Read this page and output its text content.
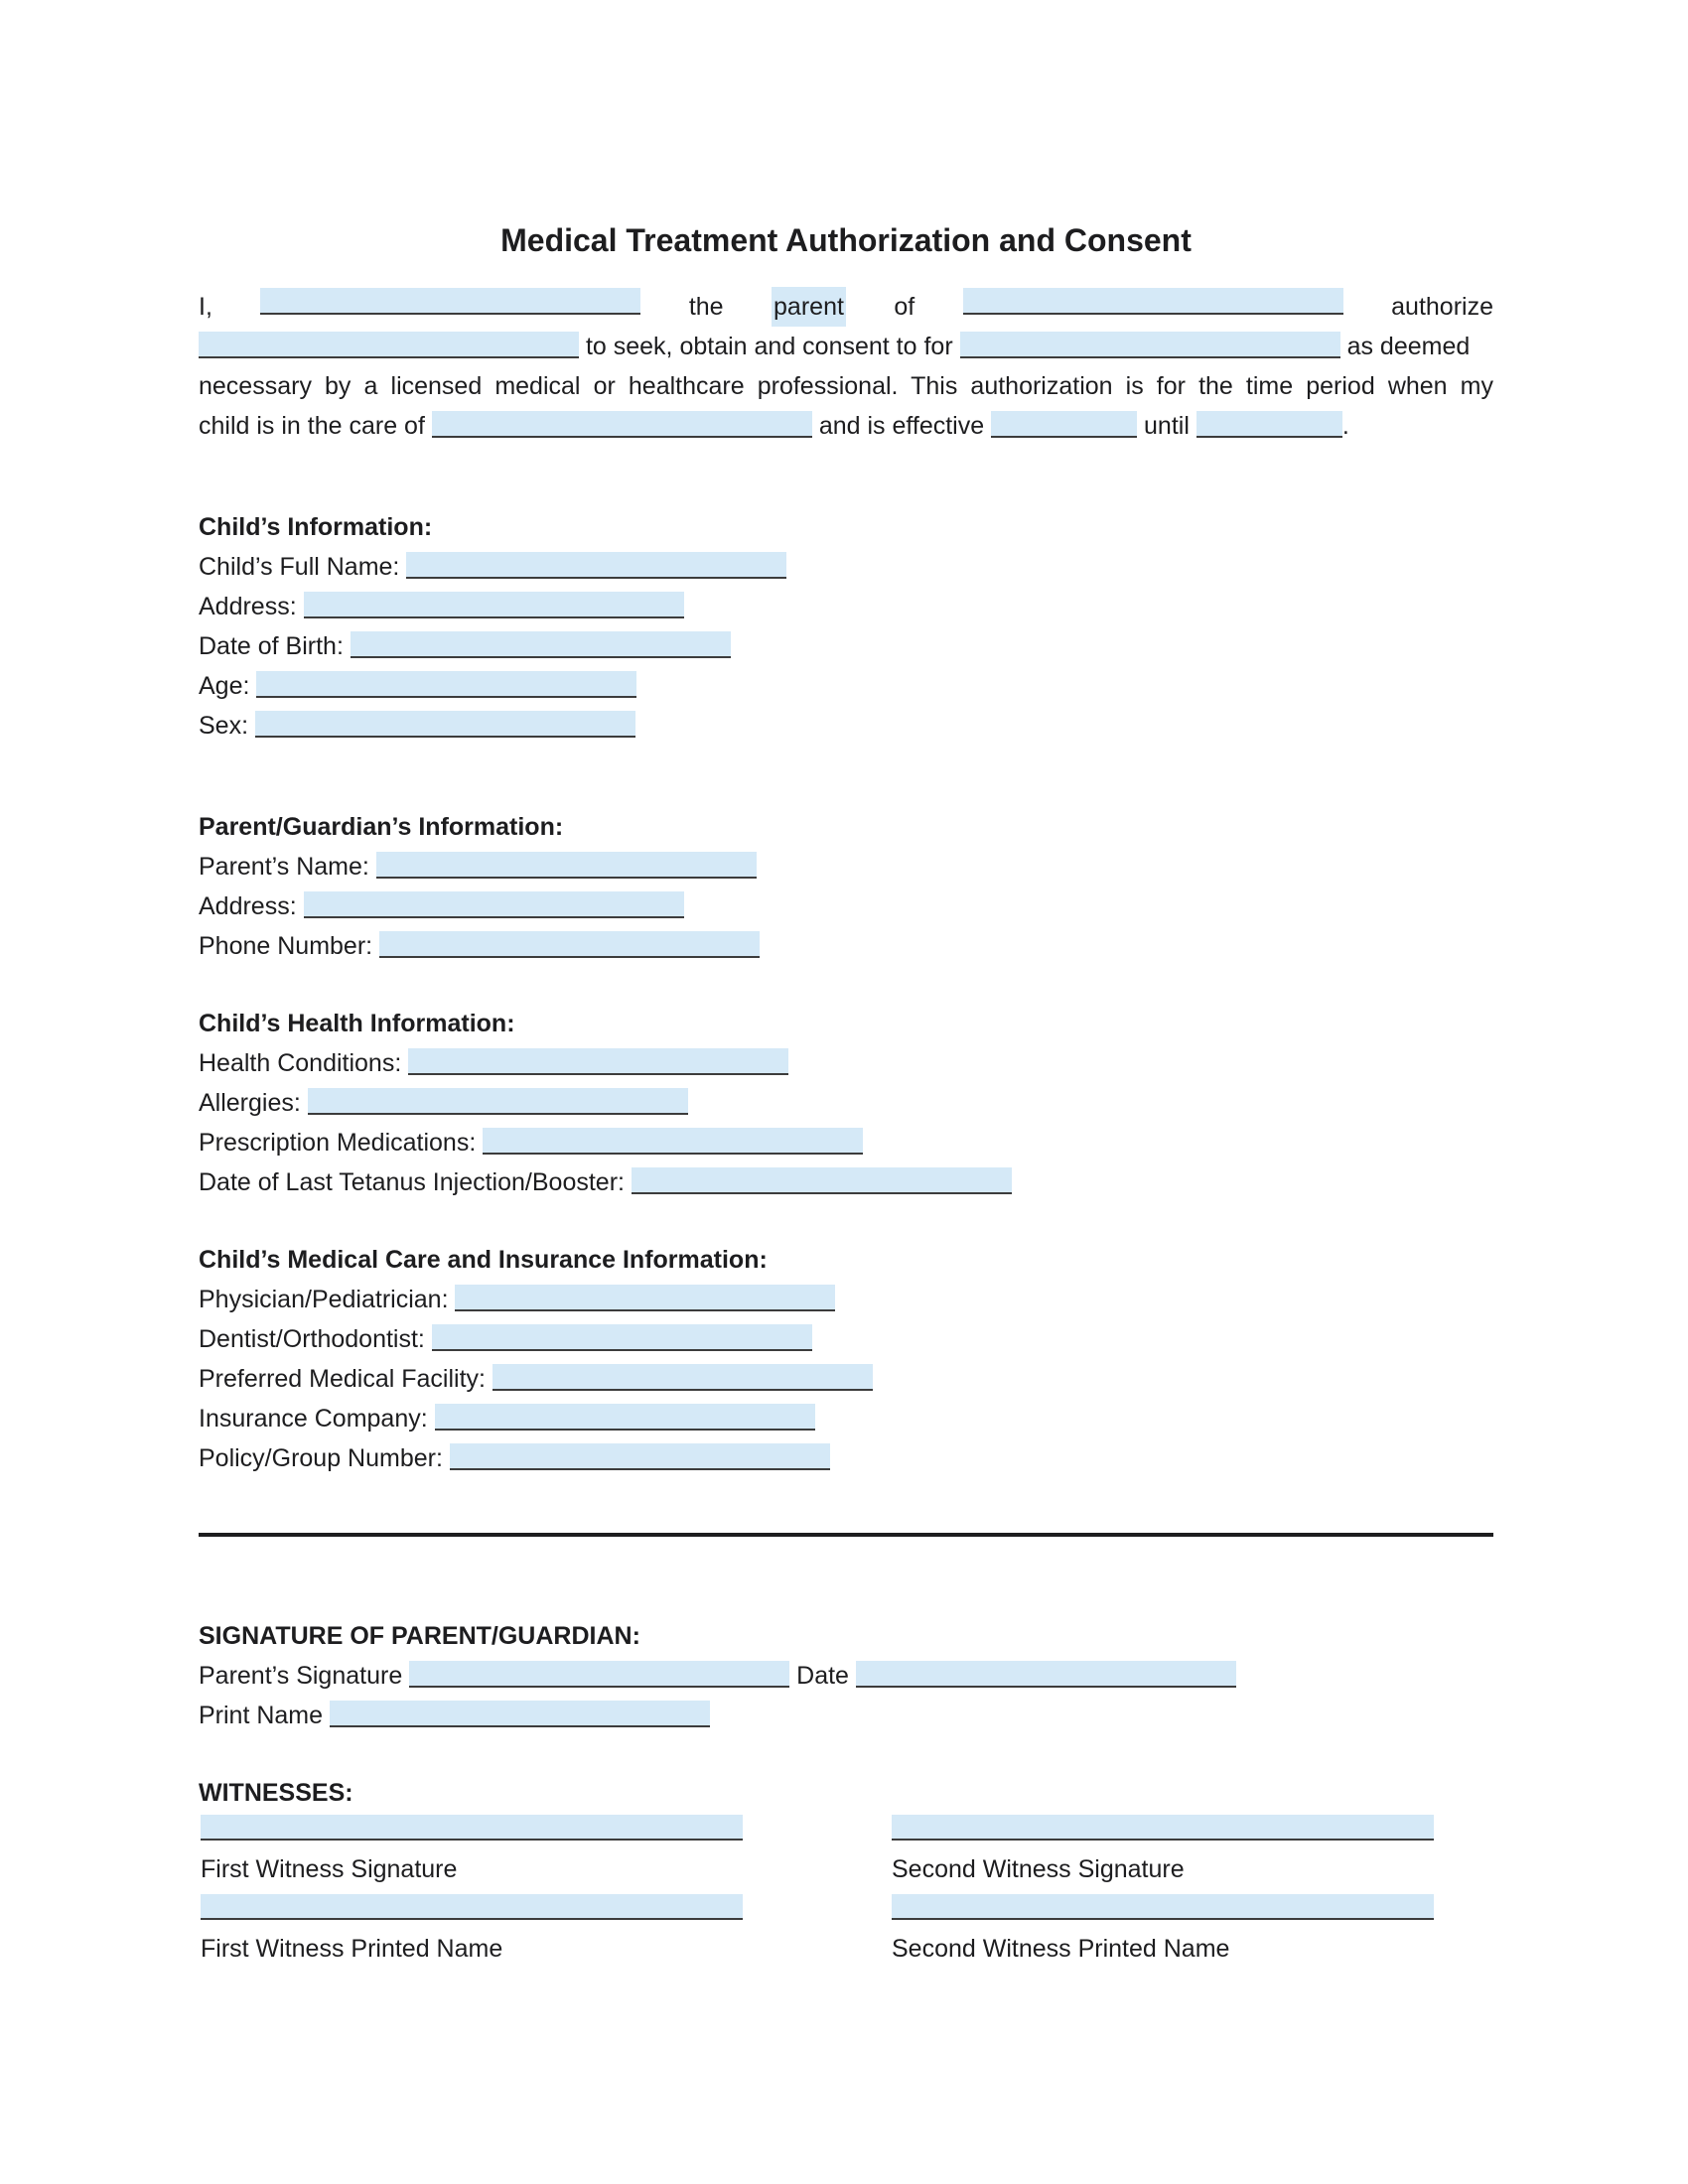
Medical Treatment Authorization and Consent
I,	the parent of	authorize
to seek, obtain and consent to for	as deemed
necessary by a licensed medical or healthcare professional. This authorization is for the time period when my
child is in the care of	and is effective	until	.
Child’s Information:
Child’s Full Name:
Address:
Date of Birth:
Age:
Sex:
Parent/Guardian’s Information:
Parent’s Name:
Address:
Phone Number:
Child’s Health Information:
Health Conditions:
Allergies:
Prescription Medications:
Date of Last Tetanus Injection/Booster:
Child’s Medical Care and Insurance Information:
Physician/Pediatrician:
Dentist/Orthodontist:
Preferred Medical Facility:
Insurance Company:
Policy/Group Number:
SIGNATURE OF PARENT/GUARDIAN:
Parent’s Signature	Date
Print Name
WITNESSES:
First Witness Signature	Second Witness Signature
First Witness Printed Name	Second Witness Printed Name
